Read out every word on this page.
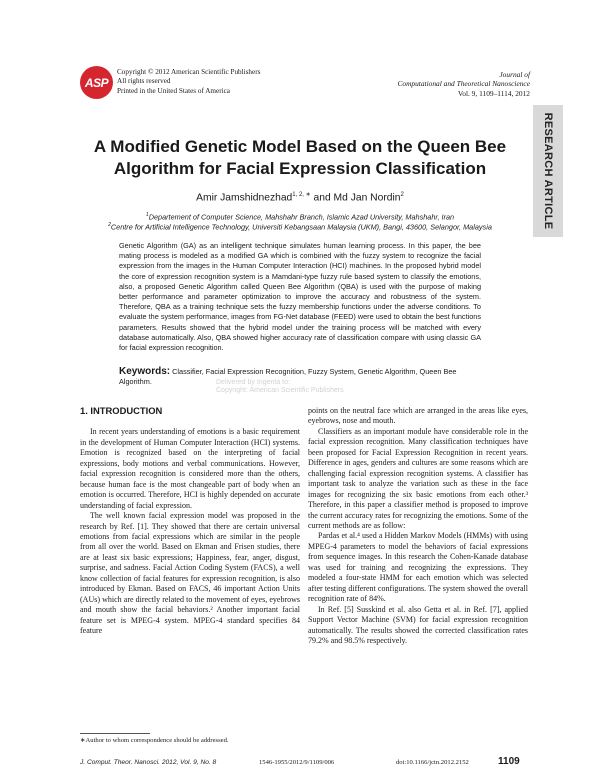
ASP
Copyright © 2012 American Scientific Publishers
All rights reserved
Printed in the United States of America
Journal of
Computational and Theoretical Nanoscience
Vol. 9, 1109–1114, 2012
RESEARCH ARTICLE
A Modified Genetic Model Based on the Queen Bee
Algorithm for Facial Expression Classification
Amir Jamshidnezhad$^{1, 2, ∗}$ and Md Jan Nordin$^2$
$^1$Departement of Computer Science, Mahshahr Branch, Islamic Azad University, Mahshahr, Iran
$^2$Centre for Artificial Intelligence Technology, Universiti Kebangsaan Malaysia (UKM), Bangi, 43600, Selangor, Malaysia
Genetic Algorithm (GA) as an intelligent technique simulates human learning process. In this paper, the bee mating process is modeled as a modified GA which is combined with the fuzzy system to recognize the facial expression from the images in the Human Computer Interaction (HCI) machines. In the proposed hybrid model the core of expression recognition system is a Mamdani-type fuzzy rule based system to classify the emotions, also, a proposed Genetic Algorithm called Queen Bee Algorithm (QBA) is used with the purpose of making better performance and parameter optimization to improve the accuracy and robustness of the system. Therefore, QBA as a training technique sets the fuzzy membership functions under the adverse conditions. To evaluate the system performance, images from FG-Net database (FEED) were used to obtain the best functions parameters. Results showed that the hybrid model under the training process will be matched with every database automatically. Also, QBA showed higher accuracy rate of classification compare with using classic GA for facial expression recognition.
Keywords: Classifier, Facial Expression Recognition, Fuzzy System, Genetic Algorithm, Queen Bee Algorithm.	Delivered by Ingenta to:
Copyright: American Scientific Publishers

1. INTRODUCTION

In recent years understanding of emotions is a basic requirement in the development of Human Computer Interaction (HCI) systems. Emotion is recognized based on the interpreting of facial expressions, body motions and verbal communications. However, facial expression recognition is considered more than the others, because human face is the most changeable part of body when an emotion is occurred. Therefore, HCI is highly depended on accurate understanding of facial expression.

The well known facial expression model was proposed in the research by Ref. [1]. They showed that there are certain universal emotions from facial expressions which are similar in the people from all over the world. Based on Ekman and Frisen studies, there are at least six basic expressions; Happiness, fear, anger, disgust, surprise, and sadness. Facial Action Coding System (FACS), a well know collection of facial features for expression recognition, is also introduced by Ekman. Based on FACS, 46 important Action Units (AUs) which are directly related to the movement of eyes, eyebrows and mouth show the facial behaviors.² Another important facial feature set is MPEG-4 system. MPEG-4 standard specifies 84 feature

points on the neutral face which are arranged in the areas like eyes, eyebrows, nose and mouth.

Classifiers as an important module have considerable role in the facial expression recognition. Many classification techniques have been proposed for Facial Expression Recognition in recent years. Difference in ages, genders and cultures are some reasons which are challenging facial expression recognition systems. A classifier has important task to analyze the variation such as these in the face images for recognizing the six basic emotions from each other.³ Therefore, in this paper a classifier method is proposed to improve the current accuracy rates for recognizing the emotions. Some of the current methods are as follow:

Pardas et al.⁴ used a Hidden Markov Models (HMMs) with using MPEG-4 parameters to model the behaviors of facial expressions from sequence images. In this research the Cohen-Kanade database was used for training and recognizing the expressions. They modeled a four-state HMM for each emotion which was selected after testing different configurations. The system showed the overall recognition rate of 84%.

In Ref. [5] Susskind et al. also Getta et al. in Ref. [7], applied Support Vector Machine (SVM) for facial expression recognition automatically. The results showed the corrected classification rates 79.2% and 98.5% respectively.

∗Author to whom correspondence should be addressed.
J. Comput. Theor. Nanosci. 2012, Vol. 9, No. 8	1546-1955/2012/9/1109/006	doi:10.1166/jctn.2012.2152	1109
